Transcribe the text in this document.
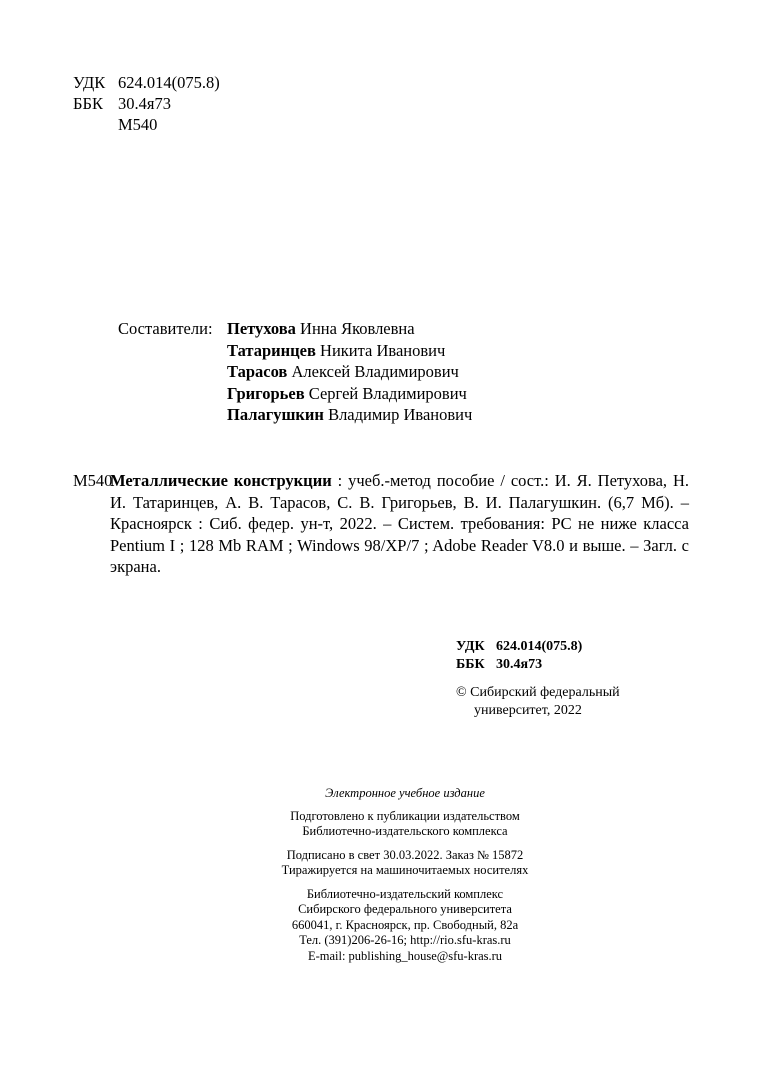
УДК 624.014(075.8)
ББК 30.4я73
М540
Составители: Петухова Инна Яковлевна
Татаринцев Никита Иванович
Тарасов Алексей Владимирович
Григорьев Сергей Владимирович
Палагушкин Владимир Иванович
М540
Металлические конструкции : учеб.-метод пособие / сост.: И. Я. Петухова, Н. И. Татаринцев, А. В. Тарасов, С. В. Григорьев, В. И. Палагушкин. (6,7 Мб). – Красноярск : Сиб. федер. ун-т, 2022. – Систем. требования: PC не ниже класса Pentium I ; 128 Mb RAM ; Windows 98/XP/7 ; Adobe Reader V8.0 и выше. – Загл. с экрана.
УДК 624.014(075.8)
ББК 30.4я73
© Сибирский федеральный
университет, 2022
Электронное учебное издание
Подготовлено к публикации издательством
Библиотечно-издательского комплекса
Подписано в свет 30.03.2022. Заказ № 15872
Тиражируется на машиночитаемых носителях
Библиотечно-издательский комплекс
Сибирского федерального университета
660041, г. Красноярск, пр. Свободный, 82а
Тел. (391)206-26-16; http://rio.sfu-kras.ru
E-mail: publishing_house@sfu-kras.ru
